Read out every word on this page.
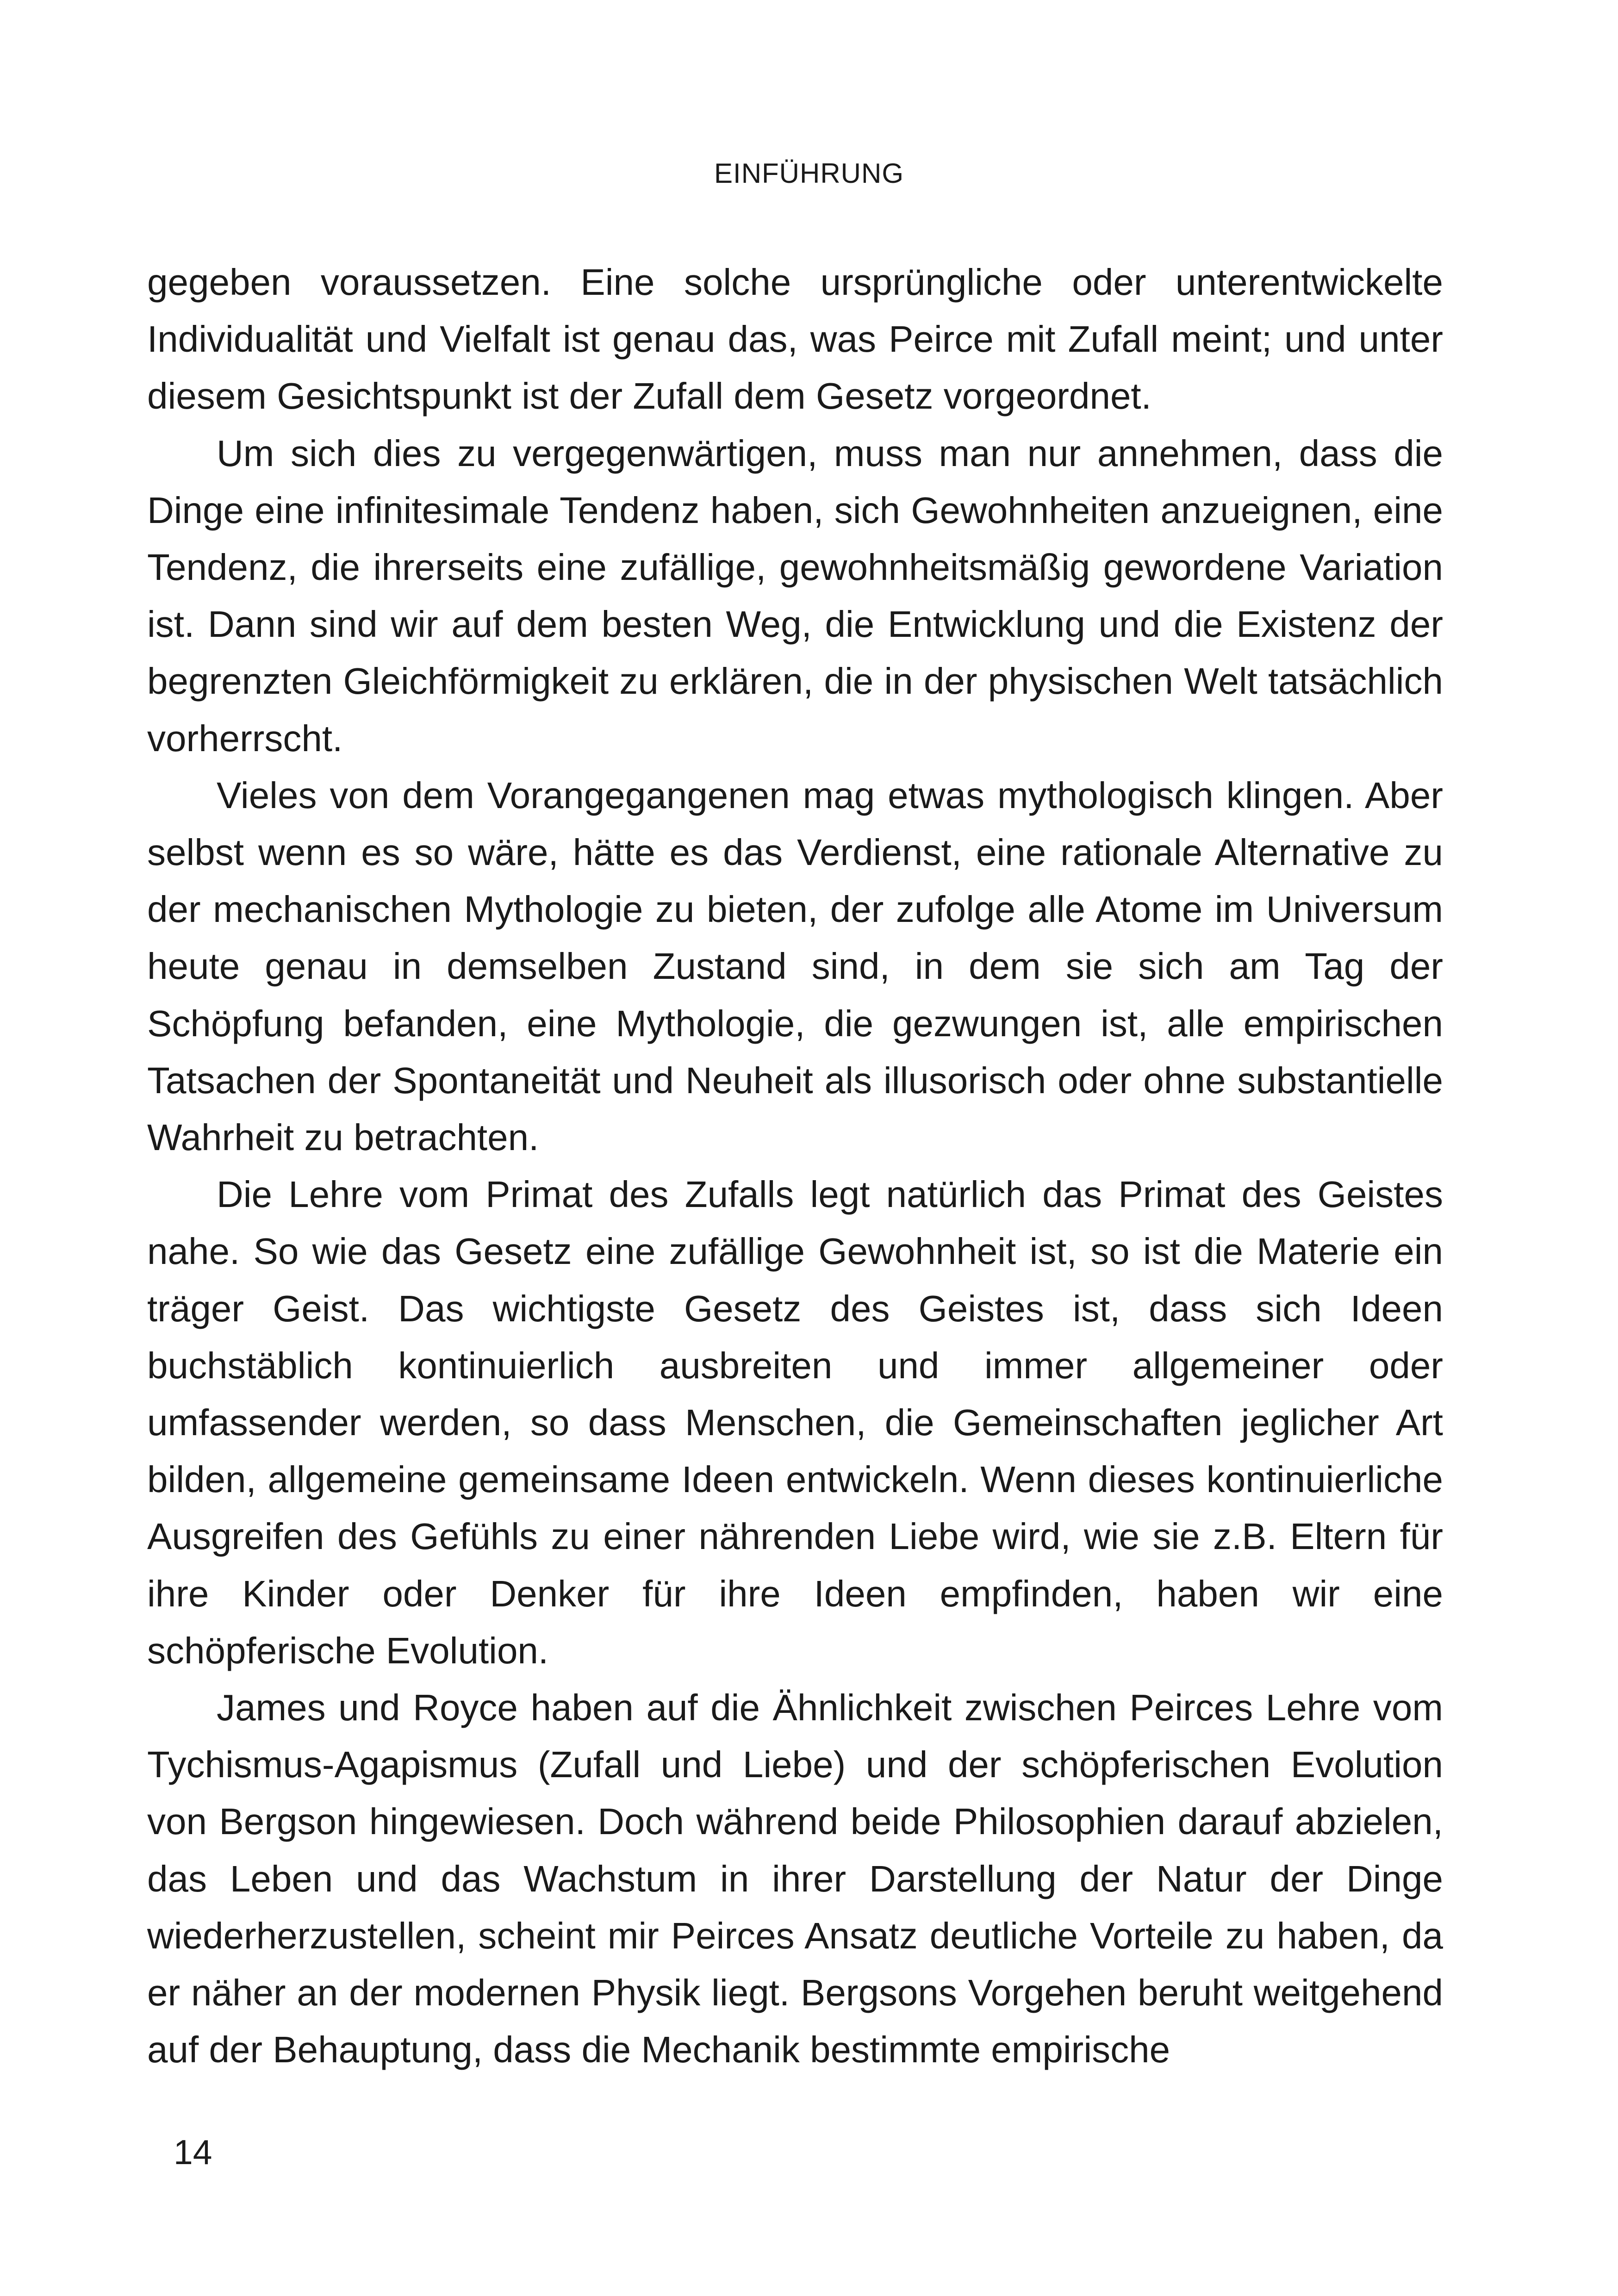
EINFÜHRUNG

gegeben voraussetzen. Eine solche ursprüngliche oder unterentwickelte Individualität und Vielfalt ist genau das, was Peirce mit Zufall meint; und unter diesem Gesichtspunkt ist der Zufall dem Gesetz vorgeordnet.

Um sich dies zu vergegenwärtigen, muss man nur annehmen, dass die Dinge eine infinitesimale Tendenz haben, sich Gewohnheiten anzueignen, eine Tendenz, die ihrerseits eine zufällige, gewohnheitsmäßig gewordene Variation ist. Dann sind wir auf dem besten Weg, die Entwicklung und die Existenz der begrenzten Gleichförmigkeit zu erklären, die in der physischen Welt tatsächlich vorherrscht.

Vieles von dem Vorangegangenen mag etwas mythologisch klingen. Aber selbst wenn es so wäre, hätte es das Verdienst, eine rationale Alternative zu der mechanischen Mythologie zu bieten, der zufolge alle Atome im Universum heute genau in demselben Zustand sind, in dem sie sich am Tag der Schöpfung befanden, eine Mythologie, die gezwungen ist, alle empirischen Tatsachen der Spontaneität und Neuheit als illusorisch oder ohne substantielle Wahrheit zu betrachten.

Die Lehre vom Primat des Zufalls legt natürlich das Primat des Geistes nahe. So wie das Gesetz eine zufällige Gewohnheit ist, so ist die Materie ein träger Geist. Das wichtigste Gesetz des Geistes ist, dass sich Ideen buchstäblich kontinuierlich ausbreiten und immer allgemeiner oder umfassender werden, so dass Menschen, die Gemeinschaften jeglicher Art bilden, allgemeine gemeinsame Ideen entwickeln. Wenn dieses kontinuierliche Ausgreifen des Gefühls zu einer nährenden Liebe wird, wie sie z.B. Eltern für ihre Kinder oder Denker für ihre Ideen empfinden, haben wir eine schöpferische Evolution.

James und Royce haben auf die Ähnlichkeit zwischen Peirces Lehre vom Tychismus-Agapismus (Zufall und Liebe) und der schöpferischen Evolution von Bergson hingewiesen. Doch während beide Philosophien darauf abzielen, das Leben und das Wachstum in ihrer Darstellung der Natur der Dinge wiederherzustellen, scheint mir Peirces Ansatz deutliche Vorteile zu haben, da er näher an der modernen Physik liegt. Bergsons Vorgehen beruht weitgehend auf der Behauptung, dass die Mechanik bestimmte empirische

14
